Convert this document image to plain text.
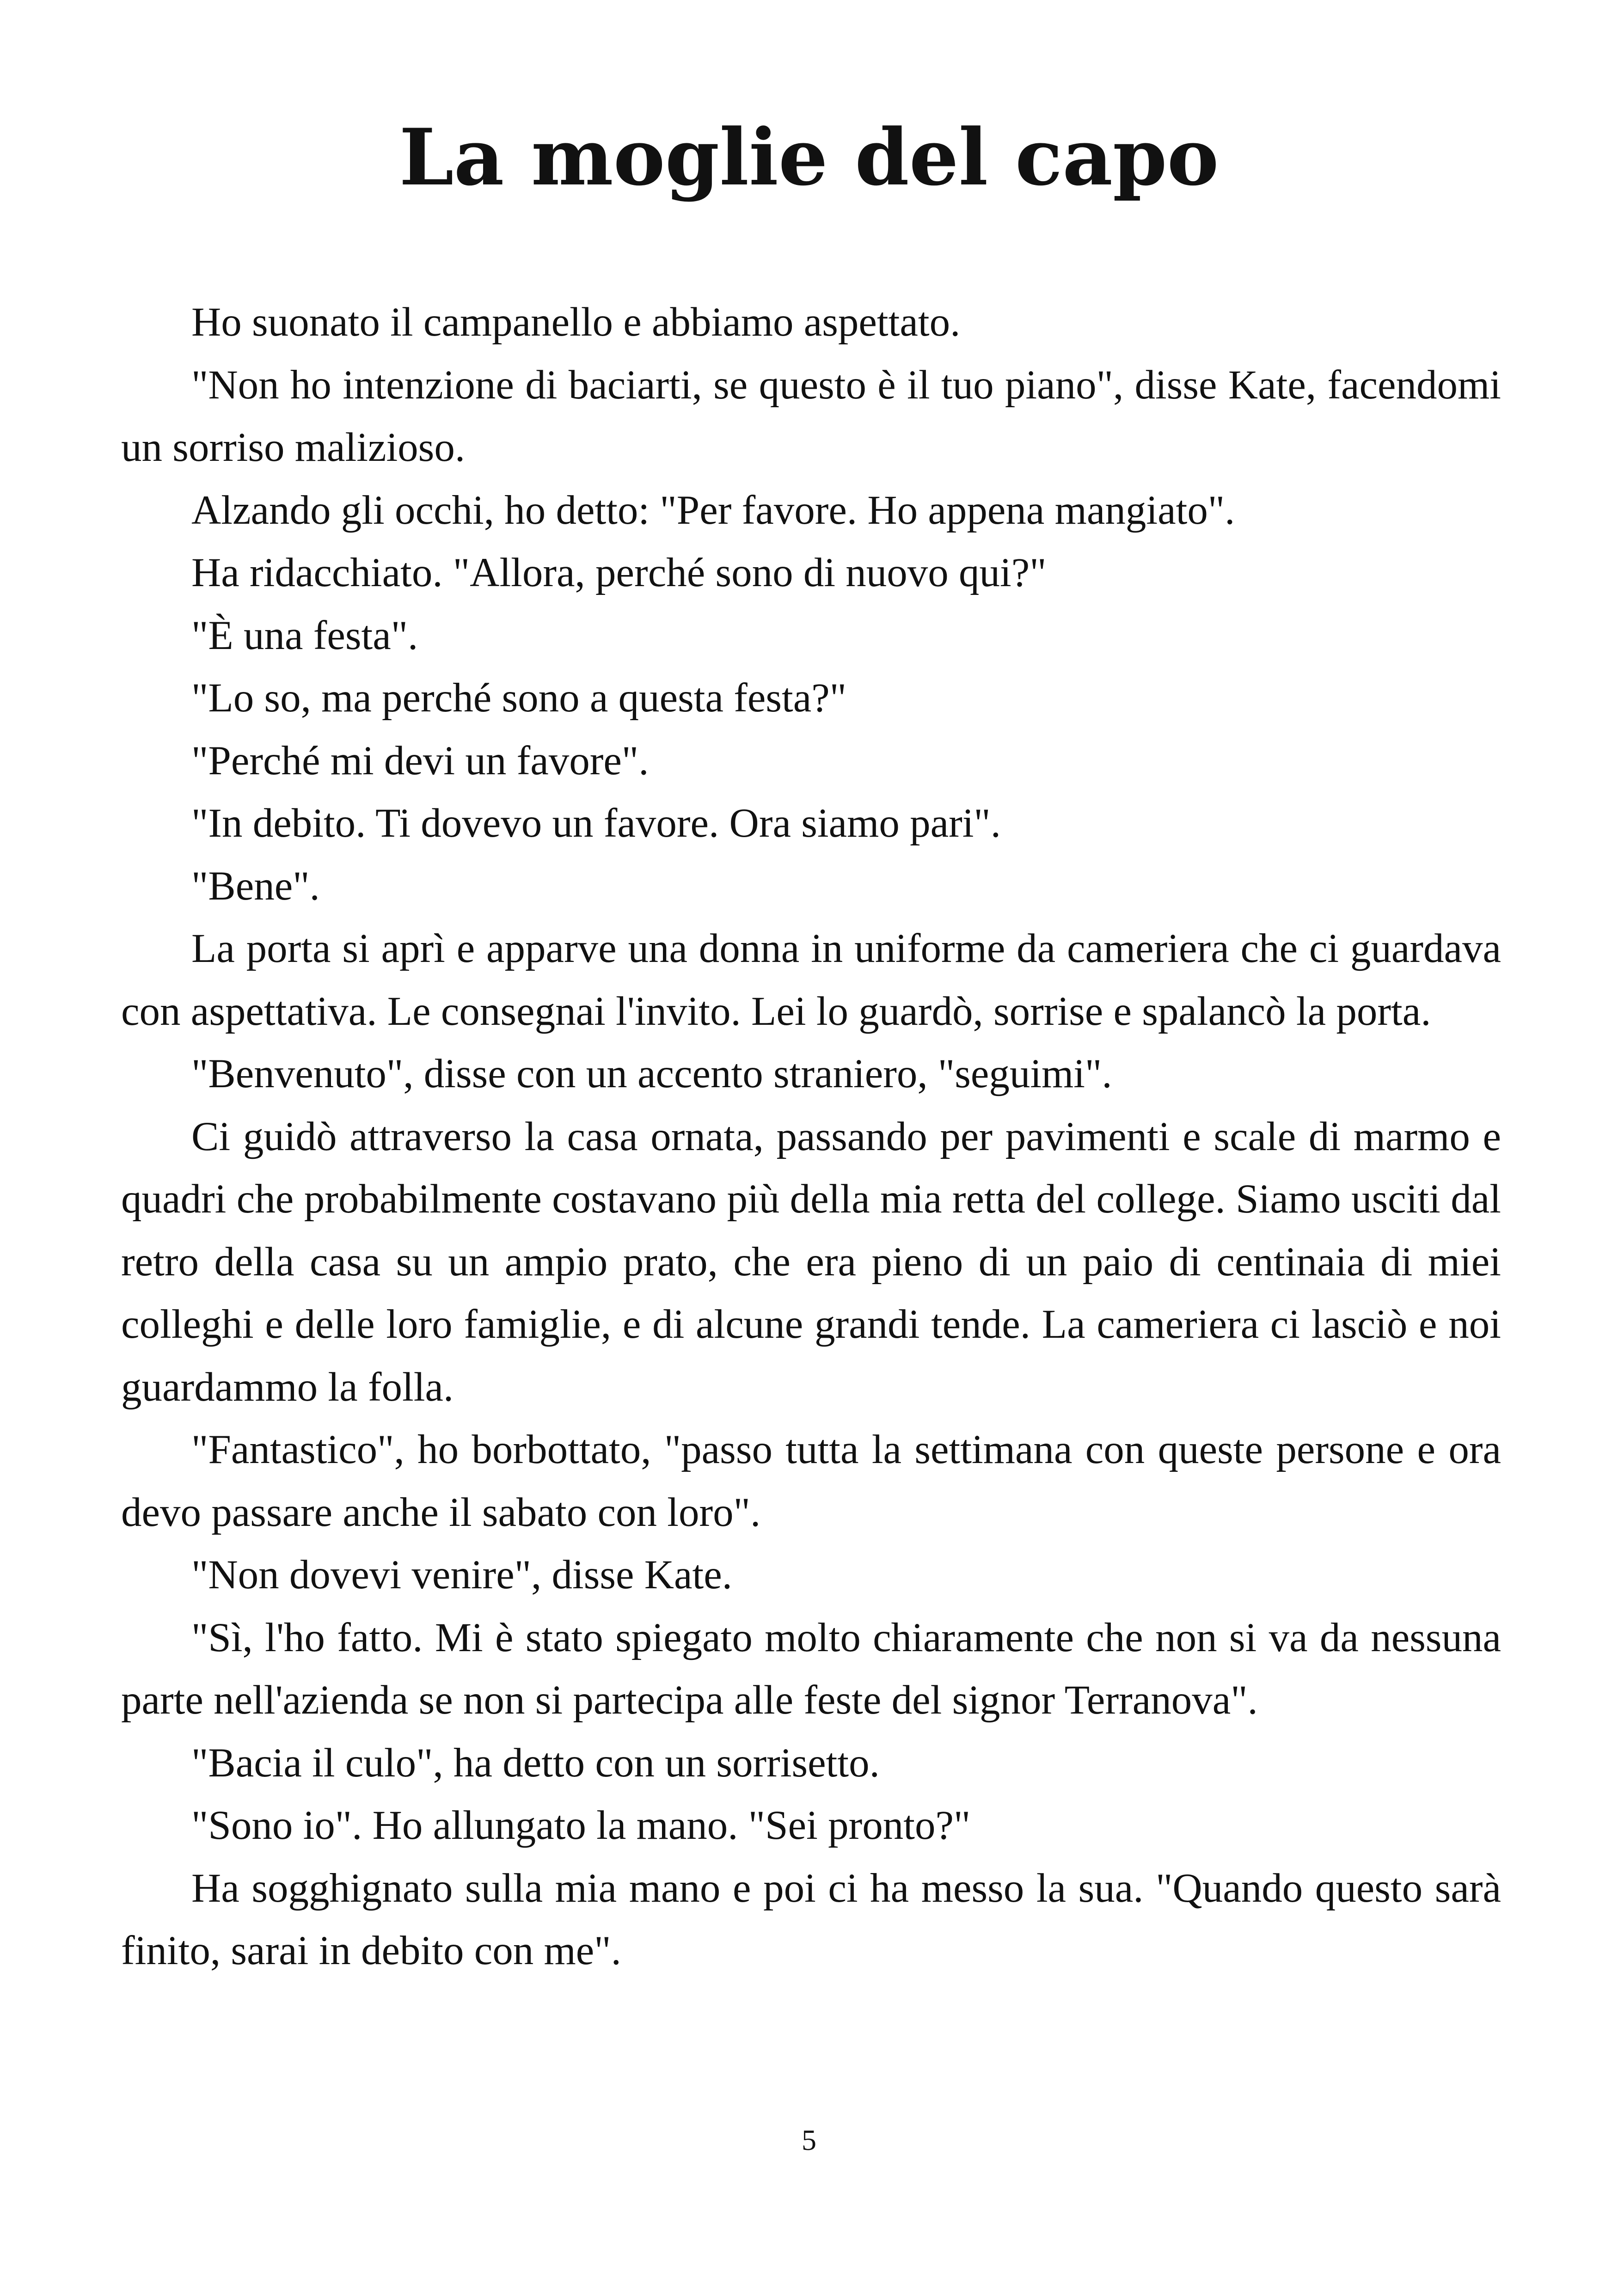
La moglie del capo

Ho suonato il campanello e abbiamo aspettato.

"Non ho intenzione di baciarti, se questo è il tuo piano", disse Kate, facendomi un sorriso malizioso.

Alzando gli occhi, ho detto: "Per favore. Ho appena mangiato".

Ha ridacchiato. "Allora, perché sono di nuovo qui?"

"È una festa".

"Lo so, ma perché sono a questa festa?"

"Perché mi devi un favore".

"In debito. Ti dovevo un favore. Ora siamo pari".

"Bene".

La porta si aprì e apparve una donna in uniforme da cameriera che ci guardava con aspettativa. Le consegnai l'invito. Lei lo guardò, sorrise e spalancò la porta.

"Benvenuto", disse con un accento straniero, "seguimi".

Ci guidò attraverso la casa ornata, passando per pavimenti e scale di marmo e quadri che probabilmente costavano più della mia retta del college. Siamo usciti dal retro della casa su un ampio prato, che era pieno di un paio di centinaia di miei colleghi e delle loro famiglie, e di alcune grandi tende. La cameriera ci lasciò e noi guardammo la folla.

"Fantastico", ho borbottato, "passo tutta la settimana con queste persone e ora devo passare anche il sabato con loro".

"Non dovevi venire", disse Kate.

"Sì, l'ho fatto. Mi è stato spiegato molto chiaramente che non si va da nessuna parte nell'azienda se non si partecipa alle feste del signor Terranova".

"Bacia il culo", ha detto con un sorrisetto.

"Sono io". Ho allungato la mano. "Sei pronto?"

Ha sogghignato sulla mia mano e poi ci ha messo la sua. "Quando questo sarà finito, sarai in debito con me".

5
